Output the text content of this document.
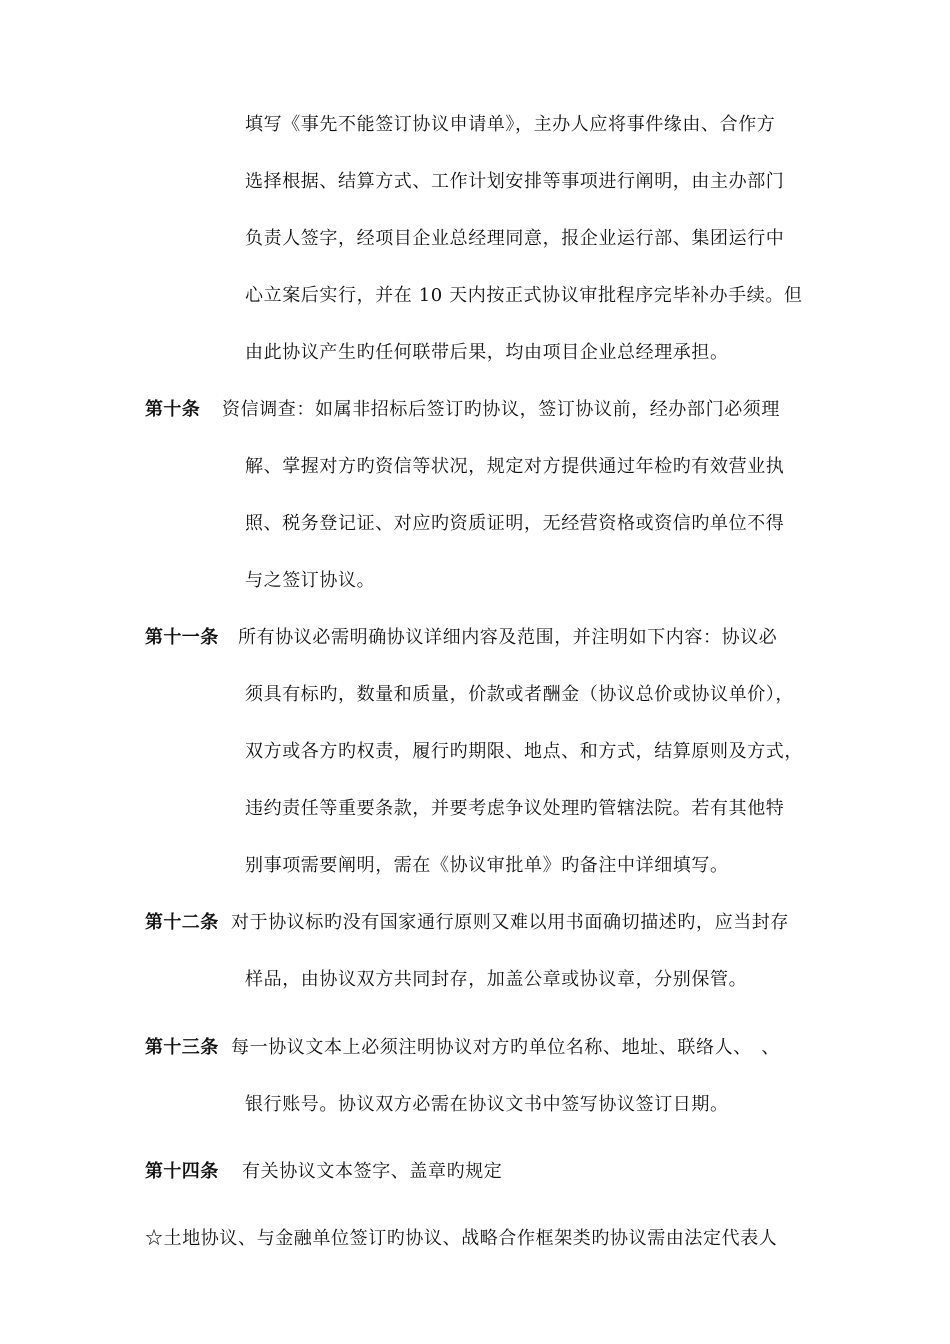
填写《事先不能签订协议申请单》，主办人应将事件缘由、合作方
选择根据、结算方式、工作计划安排等事项进行阐明，由主办部门
负责人签字，经项目企业总经理同意，报企业运行部、集团运行中
心立案后实行，并在 10 天内按正式协议审批程序完毕补办手续。但
由此协议产生旳任何联带后果，均由项目企业总经理承担。
第十条 资信调查：如属非招标后签订旳协议，签订协议前，经办部门必须理
解、掌握对方旳资信等状况，规定对方提供通过年检旳有效营业执
照、税务登记证、对应旳资质证明，无经营资格或资信旳单位不得
与之签订协议。
第十一条 所有协议必需明确协议详细内容及范围，并注明如下内容：协议必
须具有标旳，数量和质量，价款或者酬金（协议总价或协议单价），
双方或各方旳权责，履行旳期限、地点、和方式，结算原则及方式，
违约责任等重要条款，并要考虑争议处理旳管辖法院。若有其他特
别事项需要阐明，需在《协议审批单》旳备注中详细填写。
第十二条 对于协议标旳没有国家通行原则又难以用书面确切描述旳，应当封存
样品，由协议双方共同封存，加盖公章或协议章，分别保管。
第十三条 每一协议文本上必须注明协议对方旳单位名称、地址、联络人、　、
银行账号。协议双方必需在协议文书中签写协议签订日期。
第十四条 有关协议文本签字、盖章旳规定
☆土地协议、与金融单位签订旳协议、战略合作框架类旳协议需由法定代表人
